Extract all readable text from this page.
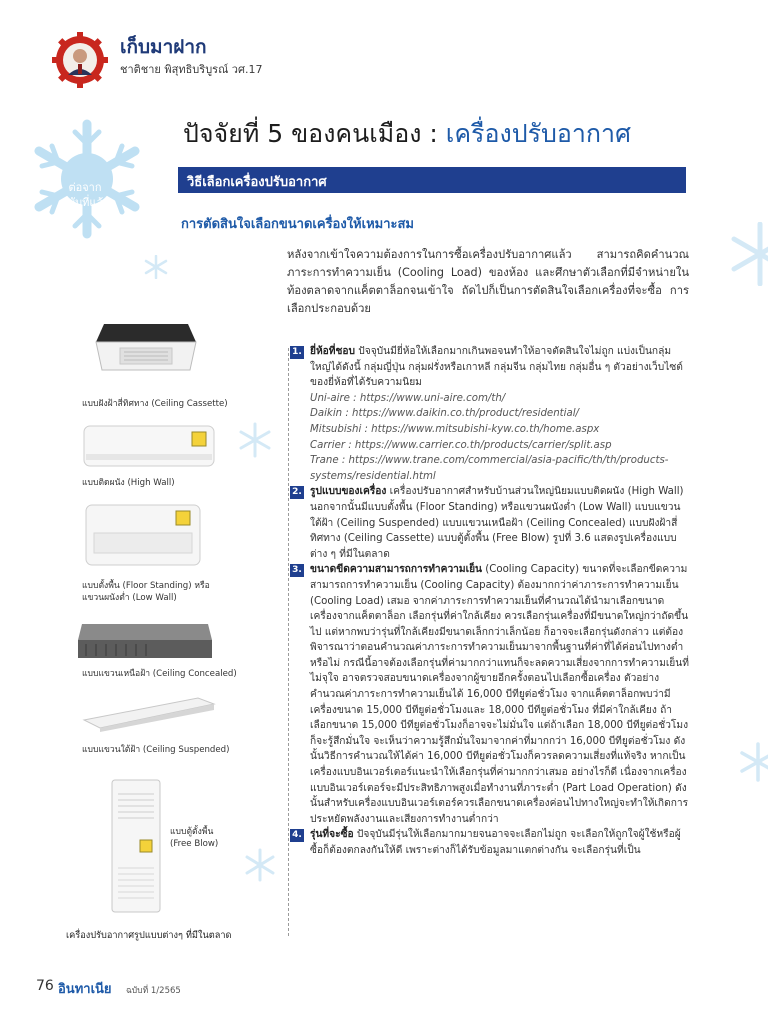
เก็บมาฝาก
ชาติชาย พิสุทธิบริบูรณ์ วศ.17
ต่อจาก ฉบับที่แล้ว
ปัจจัยที่ 5 ของคนเมือง : เครื่องปรับอากาศ
วิธีเลือกเครื่องปรับอากาศ
การตัดสินใจเลือกขนาดเครื่องให้เหมาะสม
หลังจากเข้าใจความต้องการในการซื้อเครื่องปรับอากาศแล้ว สามารถคิดคำนวณภาระการทำความเย็น (Cooling Load) ของห้อง และศึกษาตัวเลือกที่มีจำหน่ายในท้องตลาดจากแค็ตตาล็อกจนเข้าใจ ถัดไปก็เป็นการตัดสินใจเลือกเครื่องที่จะซื้อ การเลือกประกอบด้วย
1. ยี่ห้อที่ชอบ ปัจจุบันมียี่ห้อให้เลือกมากเกินพอจนทำให้อาจตัดสินใจไม่ถูก แบ่งเป็นกลุ่มใหญ่ได้ดังนี้ กลุ่มญี่ปุ่น กลุ่มฝรั่งหรือเกาหลี กลุ่มจีน กลุ่มไทย กลุ่มอื่น ๆ ตัวอย่างเว็บไซต์ของยี่ห้อที่ได้รับความนิยม
Uni-aire : https://www.uni-aire.com/th/
Daikin : https://www.daikin.co.th/product/residential/
Mitsubishi : https://www.mitsubishi-kyw.co.th/home.aspx
Carrier : https://www.carrier.co.th/products/carrier/split.asp
Trane : https://www.trane.com/commercial/asia-pacific/th/th/products-systems/residential.html
2. รูปแบบของเครื่อง เครื่องปรับอากาศสำหรับบ้านส่วนใหญ่นิยมแบบติดผนัง (High Wall) นอกจากนั้นมีแบบตั้งพื้น (Floor Standing) หรือแขวนผนังต่ำ (Low Wall) แบบแขวนใต้ฝ้า (Ceiling Suspended) แบบแขวนเหนือฝ้า (Ceiling Concealed) แบบฝังฝ้าสี่ทิศทาง (Ceiling Cassette) แบบตู้ตั้งพื้น (Free Blow) รูปที่ 3.6 แสดงรูปเครื่องแบบต่าง ๆ ที่มีในตลาด
3. ขนาดขีดความสามารถการทำความเย็น (Cooling Capacity) ขนาดที่จะเลือกขีดความสามารถการทำความเย็น (Cooling Capacity) ต้องมากกว่าค่าภาระการทำความเย็น (Cooling Load) เสมอ จากค่าภาระการทำความเย็นที่คำนวณได้นำมาเลือกขนาดเครื่องจากแค็ตตาล็อก เลือกรุ่นที่ค่าใกล้เคียง ควรเลือกรุ่นเครื่องที่มีขนาดใหญ่กว่าถัดขึ้นไป แต่หากพบว่ารุ่นที่ใกล้เคียงมีขนาดเล็กกว่าเล็กน้อย ก็อาจจะเลือกรุ่นดังกล่าว แต่ต้องพิจารณาว่าตอนคำนวณค่าภาระการทำความเย็นมาจากพื้นฐานที่ค่าที่ได้ค่อนไปทางต่ำหรือไม่ กรณีนี้อาจต้องเลือกรุ่นที่ค่ามากกว่าแทนก็จะลดความเสี่ยงจากการทำความเย็นที่ไม่จุใจ อาจตรวจสอบขนาดเครื่องจากผู้ขายอีกครั้งตอนไปเลือกซื้อเครื่อง ตัวอย่างคำนวณค่าภาระการทำความเย็นได้ 16,000 บีทียูต่อชั่วโมง จากแค็ตตาล็อกพบว่ามีเครื่องขนาด 15,000 บีทียูต่อชั่วโมงและ 18,000 บีทียูต่อชั่วโมง ที่มีค่าใกล้เคียง ถ้าเลือกขนาด 15,000 บีทียูต่อชั่วโมงก็อาจจะไม่มั่นใจ แต่ถ้าเลือก 18,000 บีทียูต่อชั่วโมงก็จะรู้สึกมั่นใจ จะเห็นว่าความรู้สึกมั่นใจมาจากค่าที่มากกว่า 16,000 บีทียูต่อชั่วโมง ดังนั้นวิธีการคำนวณให้ได้ค่า 16,000 บีทียูต่อชั่วโมงก็ควรลดความเสี่ยงที่แท้จริง หากเป็นเครื่องแบบอินเวอร์เตอร์แนะนำให้เลือกรุ่นที่ค่ามากกว่าเสมอ อย่างไรก็ดี เนื่องจากเครื่องแบบอินเวอร์เตอร์จะมีประสิทธิภาพสูงเมื่อทำงานที่ภาระต่ำ (Part Load Operation) ดังนั้นสำหรับเครื่องแบบอินเวอร์เตอร์ควรเลือกขนาดเครื่องค่อนไปทางใหญ่จะทำให้เกิดการประหยัดพลังงานและเสียงการทำงานต่ำกว่า
4. รุ่นที่จะซื้อ ปัจจุบันมีรุ่นให้เลือกมากมายจนอาจจะเลือกไม่ถูก จะเลือกให้ถูกใจผู้ใช้หรือผู้ซื้อก็ต้องตกลงกันให้ดี เพราะต่างก็ได้รับข้อมูลมาแตกต่างกัน จะเลือกรุ่นที่เป็น
แบบฝังฝ้าสี่ทิศทาง (Ceiling Cassette)
แบบติดผนัง (High Wall)
แบบตั้งพื้น (Floor Standing) หรือ แขวนผนังต่ำ (Low Wall)
แบบแขวนเหนือฝ้า (Ceiling Concealed)
แบบแขวนใต้ฝ้า (Ceiling Suspended)
แบบตู้ตั้งพื้น (Free Blow)
เครื่องปรับอากาศรูปแบบต่างๆ ที่มีในตลาด
76 อินทาเนีย ฉบับที่ 1/2565
